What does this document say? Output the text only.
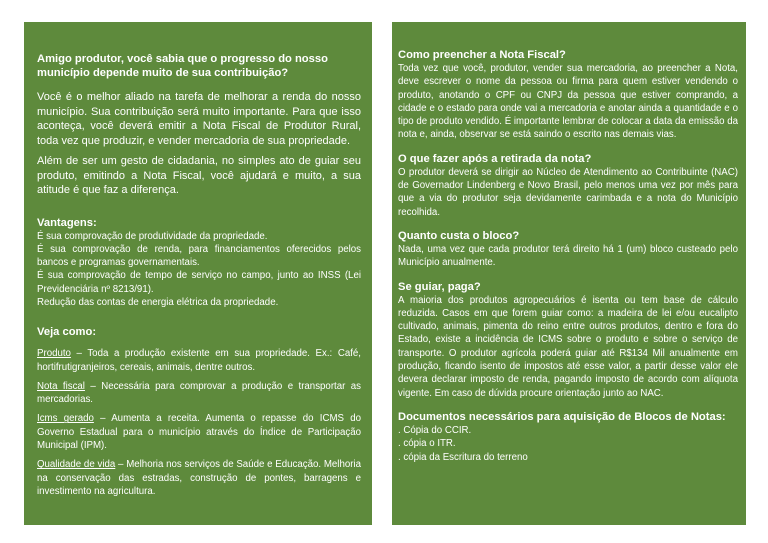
Amigo produtor, você sabia que o progresso do nosso município depende muito de sua contribuição?

Você é o melhor aliado na tarefa de melhorar a renda do nosso município. Sua contribuição será muito importante. Para que isso aconteça, você deverá emitir a Nota Fiscal de Produtor Rural, toda vez que produzir, e vender mercadoria de sua propriedade.

Além de ser um gesto de cidadania, no simples ato de guiar seu produto, emitindo a Nota Fiscal, você ajudará e muito, a sua atitude é que faz a diferença.

Vantagens:

É sua comprovação de produtividade da propriedade.

É sua comprovação de renda, para financiamentos oferecidos pelos bancos e programas governamentais.

É sua comprovação de tempo de serviço no campo, junto ao INSS (Lei Previdenciária nº 8213/91).

Redução das contas de energia elétrica da propriedade.

Veja como:

Produto – Toda a produção existente em sua propriedade. Ex.: Café, hortifrutigranjeiros, cereais, animais, dentre outros.

Nota fiscal – Necessária para comprovar a produção e transportar as mercadorias.

Icms gerado – Aumenta a receita. Aumenta o repasse do ICMS do Governo Estadual para o município através do Índice de Participação Municipal (IPM).

Qualidade de vida – Melhoria nos serviços de Saúde e Educação. Melhoria na conservação das estradas, construção de pontes, barragens e investimento na agricultura.

Como preencher a Nota Fiscal?

Toda vez que você, produtor, vender sua mercadoria, ao preencher a Nota, deve escrever o nome da pessoa ou firma para quem estiver vendendo o produto, anotando o CPF ou CNPJ da pessoa que estiver comprando, a cidade e o estado para onde vai a mercadoria e anotar ainda a quantidade e o tipo de produto vendido. É importante lembrar de colocar a data da emissão da nota e, ainda, observar se está saindo o escrito nas demais vias.

O que fazer após a retirada da nota?

O produtor deverá se dirigir ao Núcleo de Atendimento ao Contribuinte (NAC) de Governador Lindenberg e Novo Brasil, pelo menos uma vez por mês para que a via do produtor seja devidamente carimbada e a nota do Município recolhida.

Quanto custa o bloco?

Nada, uma vez que cada produtor terá direito há 1 (um) bloco custeado pelo Município anualmente.

Se guiar, paga?

A maioria dos produtos agropecuários é isenta ou tem base de cálculo reduzida. Casos em que forem guiar como: a madeira de lei e/ou eucalipto cultivado, animais, pimenta do reino entre outros produtos, dentro e fora do Estado, existe a incidência de ICMS sobre o produto e sobre o serviço de transporte. O produtor agrícola poderá guiar até R$134 Mil anualmente em produção, ficando isento de impostos até esse valor, a partir desse valor ele devera declarar imposto de renda, pagando imposto de acordo com alíquota vigente. Em caso de dúvida procure orientação junto ao NAC.

Documentos necessários para aquisição de Blocos de Notas:
. Cópia do CCIR.
. cópia o ITR.
. cópia da Escritura do terreno
